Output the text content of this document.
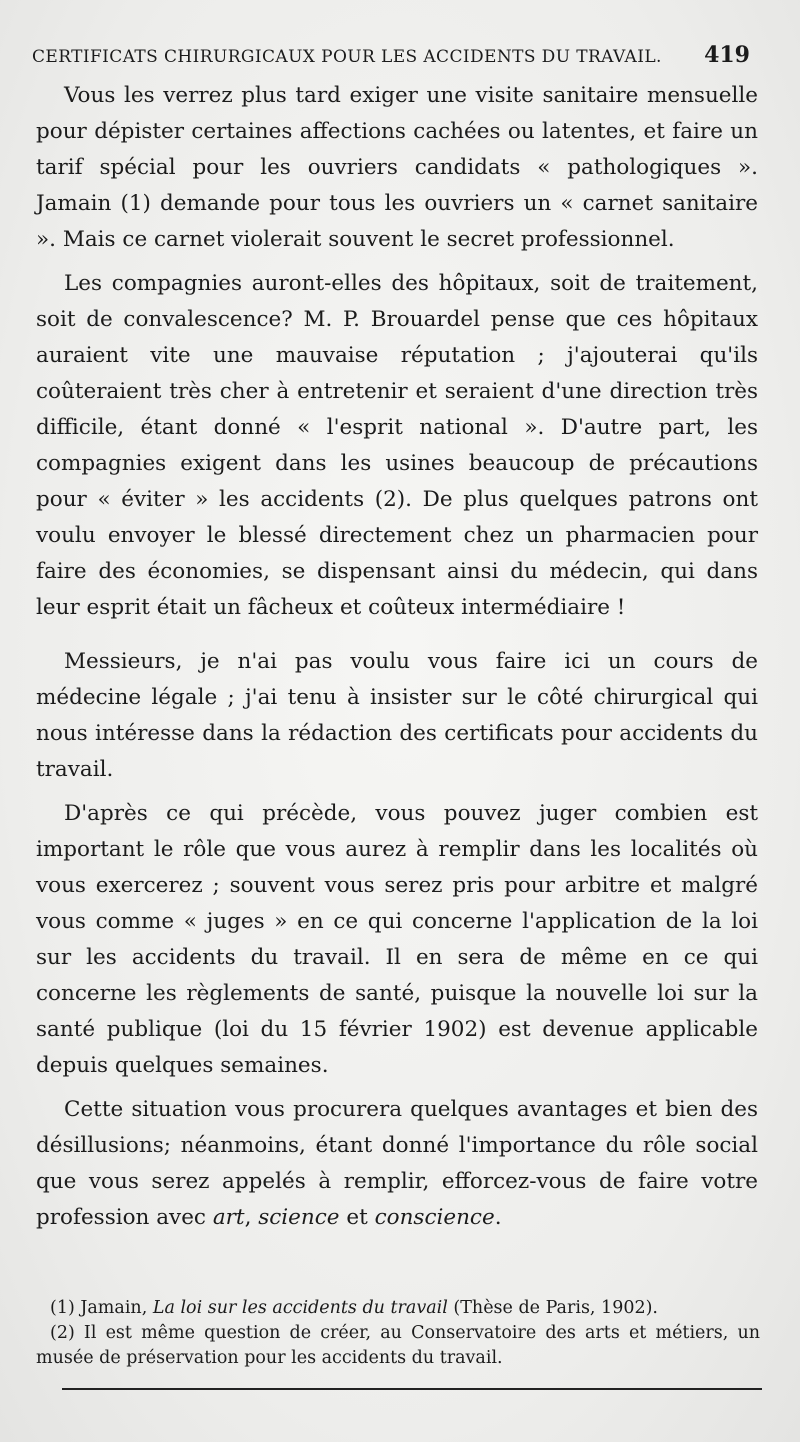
CERTIFICATS CHIRURGICAUX POUR LES ACCIDENTS DU TRAVAIL. 419

Vous les verrez plus tard exiger une visite sanitaire mensuelle pour dépister certaines affections cachées ou latentes, et faire un tarif spécial pour les ouvriers candidats « pathologiques ». Jamain (1) demande pour tous les ouvriers un « carnet sanitaire ». Mais ce carnet violerait souvent le secret professionnel.

Les compagnies auront-elles des hôpitaux, soit de traitement, soit de convalescence? M. P. Brouardel pense que ces hôpitaux auraient vite une mauvaise réputation ; j'ajouterai qu'ils coûteraient très cher à entretenir et seraient d'une direction très difficile, étant donné « l'esprit national ». D'autre part, les compagnies exigent dans les usines beaucoup de précautions pour « éviter » les accidents (2). De plus quelques patrons ont voulu envoyer le blessé directement chez un pharmacien pour faire des économies, se dispensant ainsi du médecin, qui dans leur esprit était un fâcheux et coûteux intermédiaire !

Messieurs, je n'ai pas voulu vous faire ici un cours de médecine légale ; j'ai tenu à insister sur le côté chirurgical qui nous intéresse dans la rédaction des certificats pour accidents du travail.

D'après ce qui précède, vous pouvez juger combien est important le rôle que vous aurez à remplir dans les localités où vous exercerez ; souvent vous serez pris pour arbitre et malgré vous comme « juges » en ce qui concerne l'application de la loi sur les accidents du travail. Il en sera de même en ce qui concerne les règlements de santé, puisque la nouvelle loi sur la santé publique (loi du 15 février 1902) est devenue applicable depuis quelques semaines.

Cette situation vous procurera quelques avantages et bien des désillusions; néanmoins, étant donné l'importance du rôle social que vous serez appelés à remplir, efforcez-vous de faire votre profession avec art, science et conscience.

(1) Jamain, La loi sur les accidents du travail (Thèse de Paris, 1902).

(2) Il est même question de créer, au Conservatoire des arts et métiers, un musée de préservation pour les accidents du travail.
